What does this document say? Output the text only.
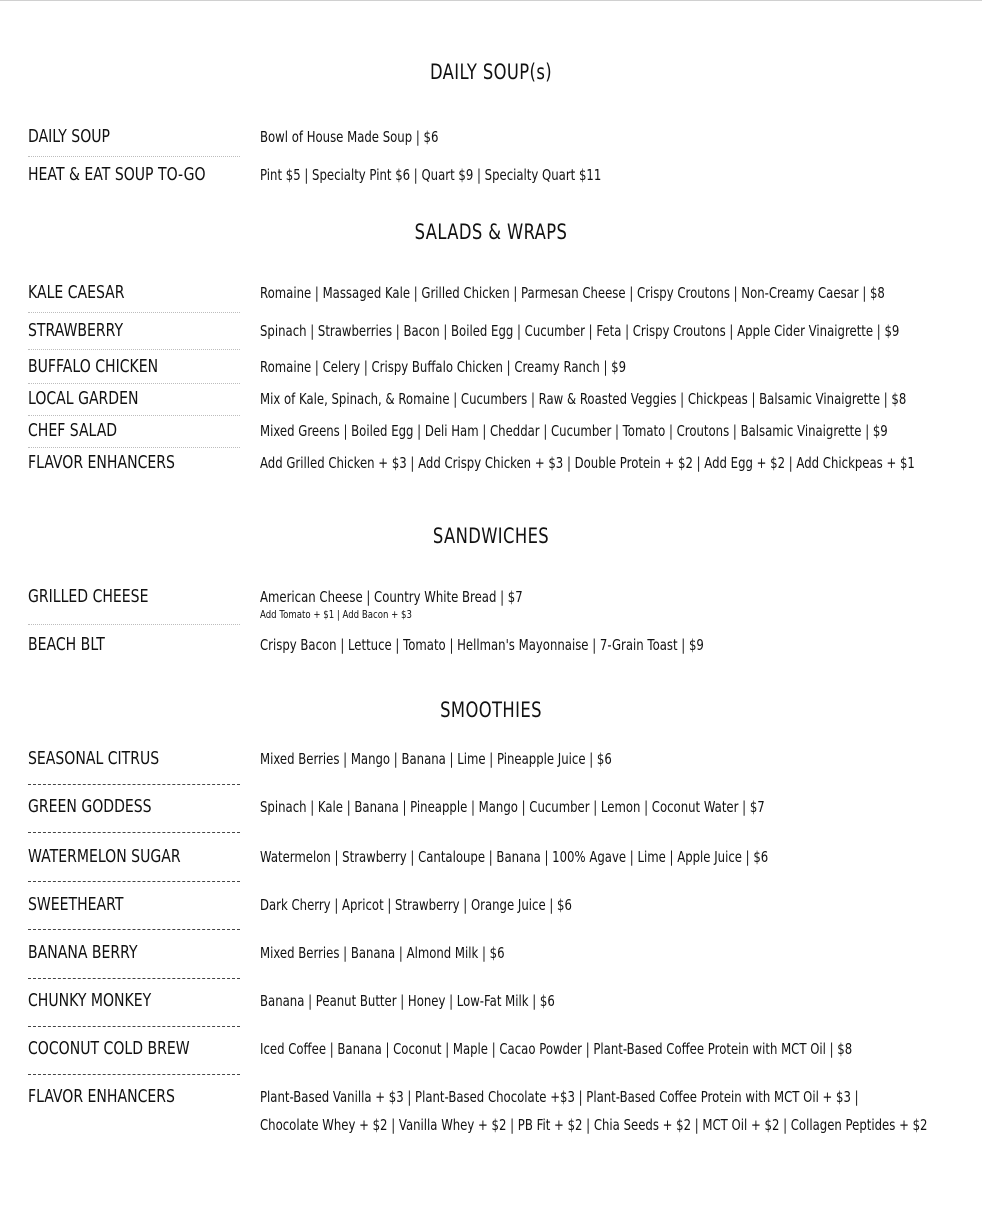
DAILY SOUP(s)
DAILY SOUP	Bowl of House Made Soup | $6
HEAT & EAT SOUP TO-GO	Pint $5 | Specialty Pint $6 | Quart $9 | Specialty Quart $11
SALADS & WRAPS
KALE CAESAR	Romaine | Massaged Kale | Grilled Chicken | Parmesan Cheese | Crispy Croutons | Non-Creamy Caesar | $8
STRAWBERRY	Spinach | Strawberries | Bacon | Boiled Egg | Cucumber | Feta | Crispy Croutons | Apple Cider Vinaigrette | $9
BUFFALO CHICKEN	Romaine | Celery | Crispy Buffalo Chicken | Creamy Ranch | $9
LOCAL GARDEN	Mix of Kale, Spinach, & Romaine | Cucumbers | Raw & Roasted Veggies | Chickpeas | Balsamic Vinaigrette | $8
CHEF SALAD	Mixed Greens | Boiled Egg | Deli Ham | Cheddar | Cucumber | Tomato | Croutons | Balsamic Vinaigrette | $9
FLAVOR ENHANCERS	Add Grilled Chicken + $3 | Add Crispy Chicken + $3 | Double Protein + $2 | Add Egg + $2 | Add Chickpeas + $1
SANDWICHES
GRILLED CHEESE	American Cheese | Country White Bread | $7
Add Tomato + $1 | Add Bacon + $3
BEACH BLT	Crispy Bacon | Lettuce | Tomato | Hellman's Mayonnaise | 7-Grain Toast | $9
SMOOTHIES
SEASONAL CITRUS	Mixed Berries | Mango | Banana | Lime | Pineapple Juice | $6
GREEN GODDESS	Spinach | Kale | Banana | Pineapple | Mango | Cucumber | Lemon | Coconut Water | $7
WATERMELON SUGAR	Watermelon | Strawberry | Cantaloupe | Banana | 100% Agave | Lime | Apple Juice | $6
SWEETHEART	Dark Cherry | Apricot | Strawberry | Orange Juice | $6
BANANA BERRY	Mixed Berries | Banana | Almond Milk | $6
CHUNKY MONKEY	Banana | Peanut Butter | Honey | Low-Fat Milk | $6
COCONUT COLD BREW	Iced Coffee | Banana | Coconut | Maple | Cacao Powder | Plant-Based Coffee Protein with MCT Oil | $8
FLAVOR ENHANCERS	Plant-Based Vanilla + $3 | Plant-Based Chocolate +$3 | Plant-Based Coffee Protein with MCT Oil + $3 |
Chocolate Whey + $2 | Vanilla Whey + $2 | PB Fit + $2 | Chia Seeds + $2 | MCT Oil + $2 | Collagen Peptides + $2
